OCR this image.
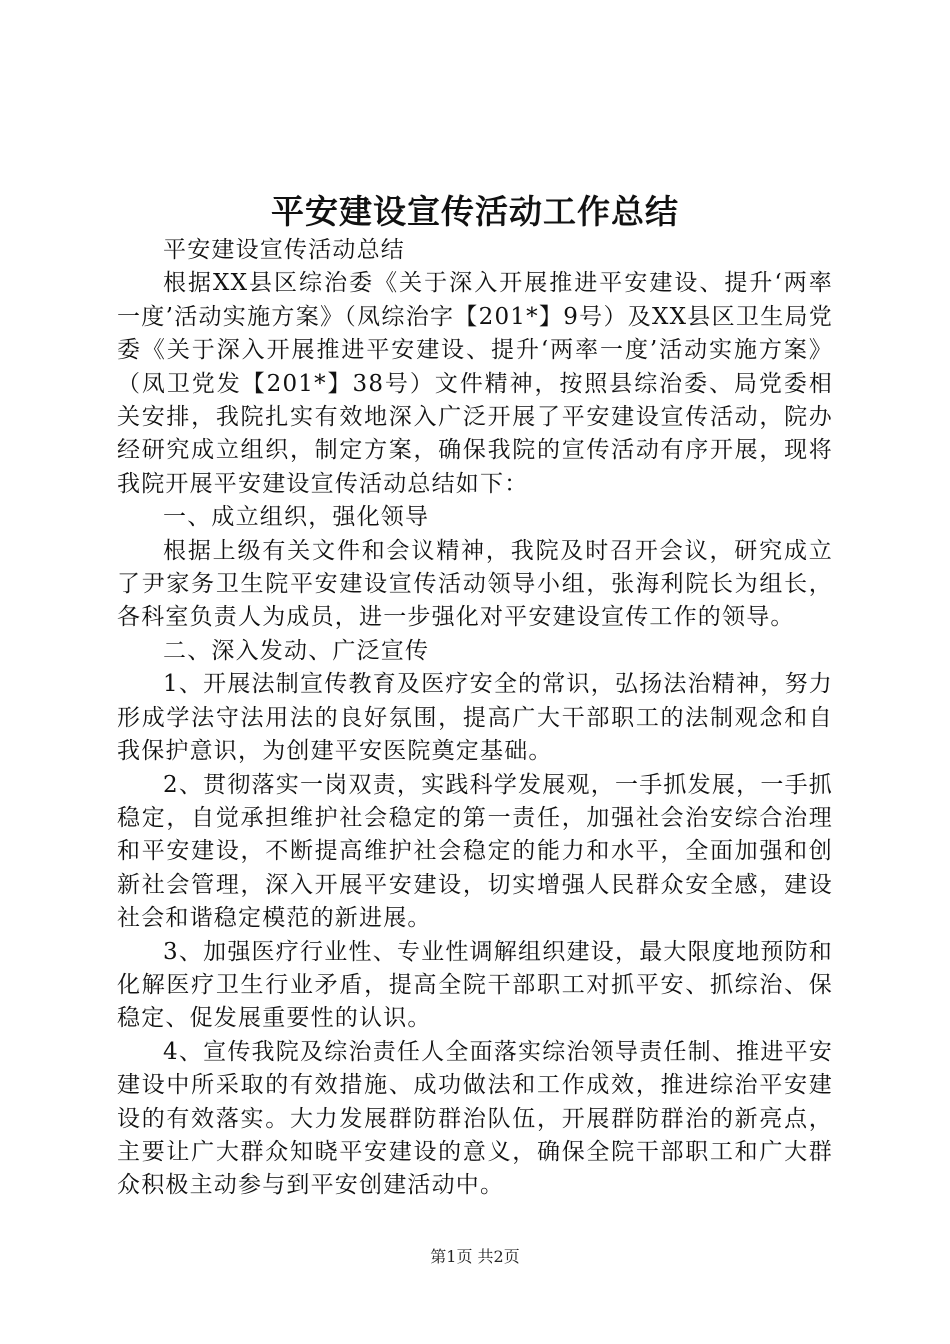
平安建设宣传活动工作总结

平安建设宣传活动总结

根据XX县区综治委《关于深入开展推进平安建设、提升‘两率一度’活动实施方案》（凤综治字【201*】9号）及XX县区卫生局党委《关于深入开展推进平安建设、提升‘两率一度’活动实施方案》（凤卫党发【201*】38号）文件精神，按照县综治委、局党委相关安排，我院扎实有效地深入广泛开展了平安建设宣传活动，院办经研究成立组织，制定方案，确保我院的宣传活动有序开展，现将我院开展平安建设宣传活动总结如下：

一、成立组织，强化领导

根据上级有关文件和会议精神，我院及时召开会议，研究成立了尹家务卫生院平安建设宣传活动领导小组，张海利院长为组长，各科室负责人为成员，进一步强化对平安建设宣传工作的领导。

二、深入发动、广泛宣传

1、开展法制宣传教育及医疗安全的常识，弘扬法治精神，努力形成学法守法用法的良好氛围，提高广大干部职工的法制观念和自我保护意识，为创建平安医院奠定基础。

2、贯彻落实一岗双责，实践科学发展观，一手抓发展，一手抓稳定，自觉承担维护社会稳定的第一责任，加强社会治安综合治理和平安建设，不断提高维护社会稳定的能力和水平，全面加强和创新社会管理，深入开展平安建设，切实增强人民群众安全感，建设社会和谐稳定模范的新进展。

3、加强医疗行业性、专业性调解组织建设，最大限度地预防和化解医疗卫生行业矛盾，提高全院干部职工对抓平安、抓综治、保稳定、促发展重要性的认识。

4、宣传我院及综治责任人全面落实综治领导责任制、推进平安建设中所采取的有效措施、成功做法和工作成效，推进综治平安建设的有效落实。大力发展群防群治队伍，开展群防群治的新亮点，主要让广大群众知晓平安建设的意义，确保全院干部职工和广大群众积极主动参与到平安创建活动中。

第1页 共2页
